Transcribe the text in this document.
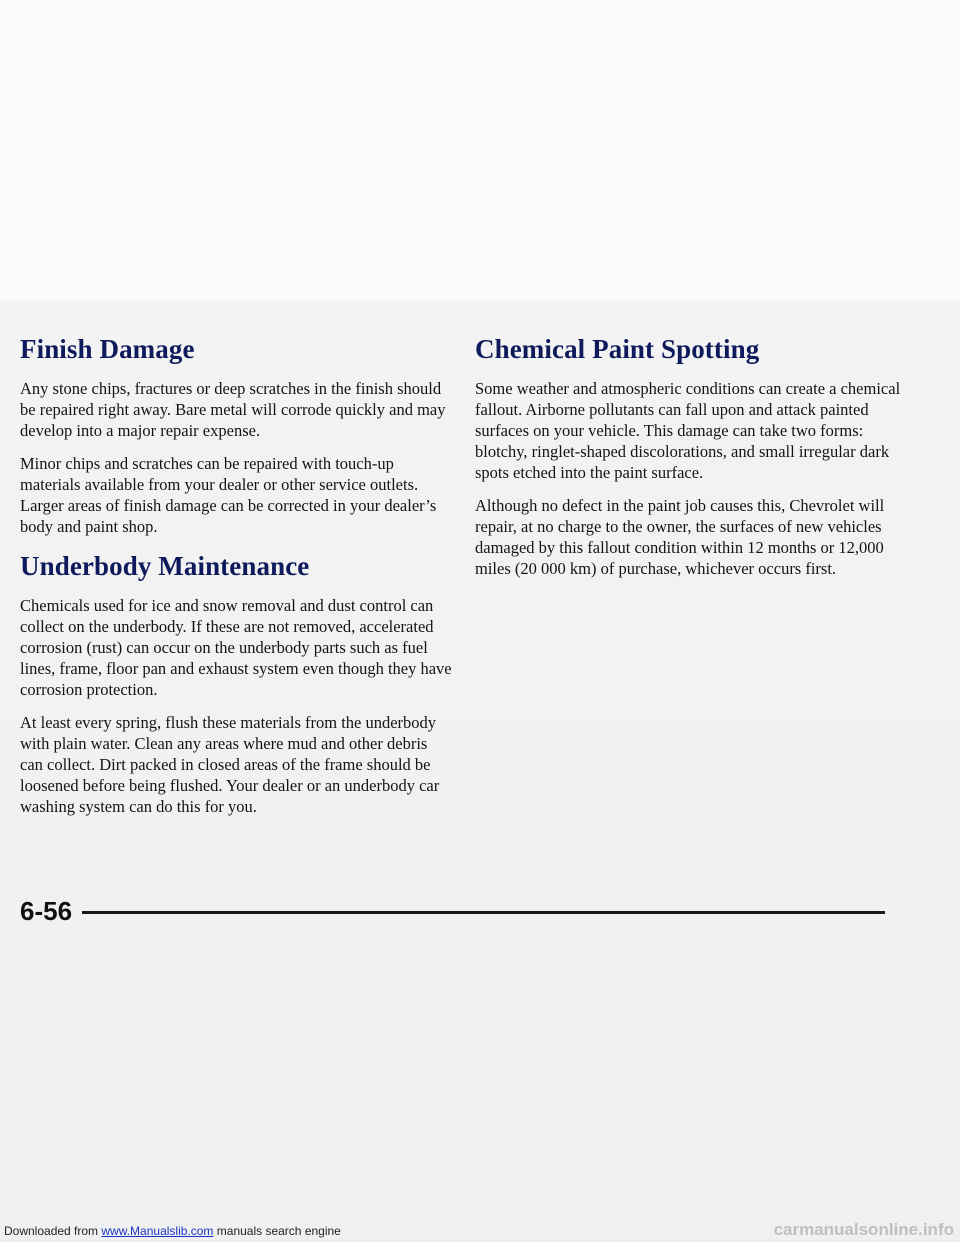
Finish Damage

Any stone chips, fractures or deep scratches in the finish should be repaired right away. Bare metal will corrode quickly and may develop into a major repair expense.

Minor chips and scratches can be repaired with touch-up materials available from your dealer or other service outlets. Larger areas of finish damage can be corrected in your dealer’s body and paint shop.

Underbody Maintenance

Chemicals used for ice and snow removal and dust control can collect on the underbody. If these are not removed, accelerated corrosion (rust) can occur on the underbody parts such as fuel lines, frame, floor pan and exhaust system even though they have corrosion protection.

At least every spring, flush these materials from the underbody with plain water. Clean any areas where mud and other debris can collect. Dirt packed in closed areas of the frame should be loosened before being flushed. Your dealer or an underbody car washing system can do this for you.

Chemical Paint Spotting

Some weather and atmospheric conditions can create a chemical fallout. Airborne pollutants can fall upon and attack painted surfaces on your vehicle. This damage can take two forms: blotchy, ringlet-shaped discolorations, and small irregular dark spots etched into the paint surface.

Although no defect in the paint job causes this, Chevrolet will repair, at no charge to the owner, the surfaces of new vehicles damaged by this fallout condition within 12 months or 12,000 miles (20 000 km) of purchase, whichever occurs first.

6-56
Downloaded from www.Manualslib.com manuals search engine	carmanualsonline.info
